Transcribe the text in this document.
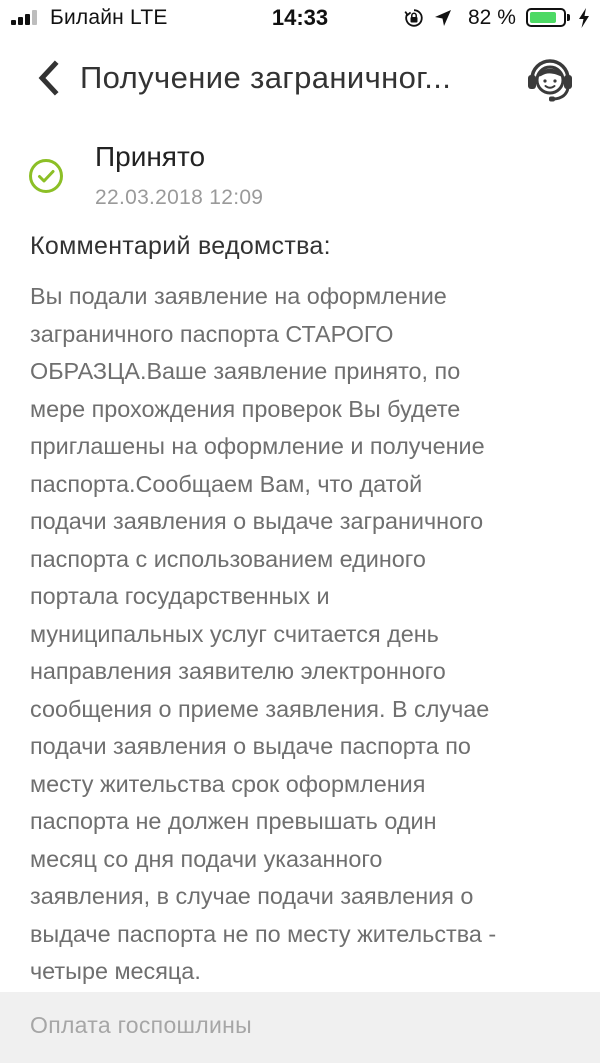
Билайн LTE	14:33	82 %
Получение заграничног...
Принято
22.03.2018 12:09
Комментарий ведомства:
Вы подали заявление на оформление
заграничного паспорта СТАРОГО
ОБРАЗЦА.Ваше заявление принято, по
мере прохождения проверок Вы будете
приглашены на оформление и получение
паспорта.Сообщаем Вам, что датой
подачи заявления о выдаче заграничного
паспорта с использованием единого
портала государственных и
муниципальных услуг считается день
направления заявителю электронного
сообщения о приеме заявления. В случае
подачи заявления о выдаче паспорта по
месту жительства срок оформления
паспорта не должен превышать один
месяц со дня подачи указанного
заявления, в случае подачи заявления о
выдаче паспорта не по месту жительства -
четыре месяца.
Оплата госпошлины
